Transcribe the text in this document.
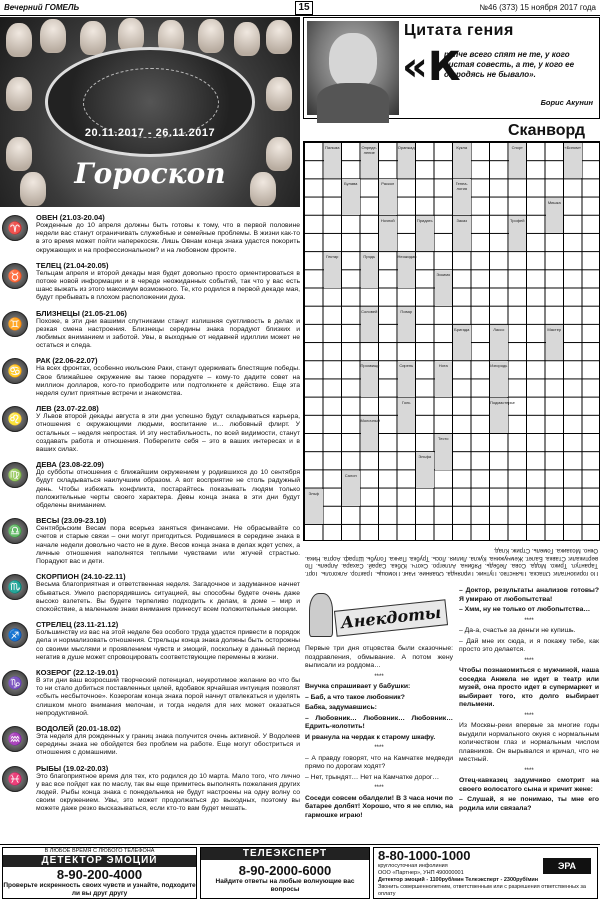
Вечерний ГОМЕЛЬ	15	№46 (373) 15 ноября 2017 года
20.11.2017 - 26.11.2017
Гороскоп
♈
ОВЕН (21.03-20.04)
Рожденные до 10 апреля должны быть готовы к тому, что в первой половине недели вас станут ограничивать служебные и семейные проблемы. В жизни как-то в это время может пойти наперекосяк. Лишь Овнам конца знака удастся покорить окружающих и на профессиональном? и на любовном фронте.
♉
ТЕЛЕЦ (21.04-20.05)
Тельцам апреля и второй декады мая будет довольно просто ориентироваться в потоке новой информации и в череде неожиданных событий, так что у вас есть шанс выжать из этого максимум возможного. Те, кто родился в первой декаде мая, будут пребывать в плохом расположении духа.
♊
БЛИЗНЕЦЫ (21.05-21.06)
Похоже, в эти дни вашими спутниками станут излишняя суетливость в делах и резкая смена настроения. Близнецы середины знака порадуют близких и любимых вниманием и заботой. Увы, в выходные от недавней идиллии может не остаться и следа.
♋
РАК (22.06-22.07)
На всех фронтах, особенно июльские Раки, станут одерживать блестящие победы. Свое ближайшее окружение вы также порадуете – кому-то дадите совет на миллион долларов, кого-то приободрите или подтолкнете к действию. Еще эта неделя сулит приятные встречи и знакомства.
♌
ЛЕВ (23.07-22.08)
У Львов второй декады августа в эти дни успешно будут складываться карьера, отношения с окружающими людьми, воспитание и… любовный флирт. У остальных – неделя непростая. И эту нестабильность, по всей видимости, станут создавать работа и отношения. Поберегите себя – это в ваших интересах и в ваших силах.
♍
ДЕВА (23.08-22.09)
До субботы отношения с ближайшим окружением у родившихся до 10 сентября будут складываться наилучшим образом. А вот восприятие не столь радужный день. Чтобы избежать конфликта, постарайтесь показывать людям только положительные черты своего характера. Девы конца знака в эти дни будут обделены вниманием.
♎
ВЕСЫ (23.09-23.10)
Сентябрьским Весам пора всерьез заняться финансами. Не обрасывайте со счетов и старые связи – они могут пригодиться. Родившиеся в середине знака в начале недели довольно часто не в духе. Весов конца знака в делах ждет успех, а личные отношения наполнятся теплыми чувствами или жгучей страстью. Порадуют вас и дети.
♏
СКОРПИОН (24.10-22.11)
Весьма благоприятная и ответственная неделя. Загадочное и задуманное начнет сбываться. Умело распорядившись ситуацией, вы способны будете очень даже высоко взлететь. Вы будете терпеливо подходить к делам, в доме – мир и спокойствие, а маленькие знаки внимания принесут всем положительные эмоции.
♐
СТРЕЛЕЦ (23.11-21.12)
Большинству из вас на этой неделе без особого труда удастся привести в порядок дела и нормализовать отношения. Стрельцы конца знака должны быть осторожны со своими мыслями и проявлением чувств и эмоций, поскольку в данный период негатив в душе может спровоцировать соответствующие перемены в жизни.
♑
КОЗЕРОГ (22.12-19.01)
В эти дни ваш возросший творческий потенциал, неукротимое желание во что бы то ни стало добиться поставленных целей, вдобавок ярчайшая интуиция позволят «сбыть несбыточное». Козерогам конца знака порой начнут отвлекаться и уделять слишком много внимания мелочам, и тогда неделя для них может оказаться непродуктивной.
♒
ВОДОЛЕЙ (20.01-18.02)
Эта неделя для рожденных у границ знака получится очень активной. У Водолеев середины знака не обойдется без проблем на работе. Еще могут обостриться и отношения с домашними.
♓
РЫБЫ (19.02-20.03)
Это благоприятное время для тех, кто родился до 10 марта. Мало того, что лично у вас все пойдет как по маслу, так вы еще примитесь выполнять пожелания других людей. Рыбы конца знака с понедельника не будут настроены на одну волну со своим окружением. Увы, это может продолжаться до выходных, поэтому вы можете даже резко высказываться, если кто-то вам будет мешать.
Цитата гения
«К
репче всего спят не те, у кого чистая совесть, а те, у кого ее отродясь не бывало».
Борис Акунин
Сканворд
Пальма	Опреде-ление
Оранжад	Кукла	Спорт	«Бином»
Булава	Раскол	Генеа-логия
Мишка
Ночной	Придать	Заказ	Трофей
Гектар	Прядь	Неожидан
Эскимо
Соловей	Повар
Бригада	Лассо	Мастер
Прозвище	Сирень	Нота	Изгородь
Голь	Подмастерье
Молочный
Тесто
Эльфа
Салон
Эльф
По горизонтали: Опаска. Пьянство. Путник. Гирлянда. Обаяние. Ранг. Помощь. Трактор. Алкоголь. Торт. Тарантул. Трико. Мода. Сова. Лебедь. Рябина. Аллегро. Скотч. Юбка. Сарай. Сахара. Апрель. По вертикали: Ставка. Балет. Жемчужина. Кукла. Лилия. Лось. Трубка. Пачка. Голубь. Штраф. Аорта. Ника. Окно. Мозаика. Гомель. Стриж. Клад.
Анекдоты
Первые три дня отцовства были сказочные: поздравления, обмывание. А потом жену выписали из роддома…
****
Внучка спрашивает у бабушки:
– Баб, а что такое любовник?
Бабка, задумавшись:
– Любовник… Любовник… Любовник… Едрить-колотить!
И рванула на чердак к старому шкафу.
****
– А правду говорят, что на Камчатке медведи прямо по дорогам ходят?
– Нет, трындят… Нет на Камчатке дорог…
****
Соседи совсем обалдели! В 3 часа ночи по батарее долбят! Хорошо, что я не сплю, на гармошке играю!
– Доктор, результаты анализов готовы? Я умираю от любопытства!
– Хмм, ну не только от любопытства…
****
– Да-а, счастье за деньги не купишь.
– Дай мне их сюда, и я покажу тебе, как просто это делается.
****
Чтобы познакомиться с мужчиной, наша соседка Анжела не идет в театр или музей, она просто идет в супермаркет и выбирает того, кто долго выбирает пельмени.
****
Из Москвы-реки впервые за многие годы выудили нормального окуня с нормальным количеством глаз и нормальным числом плавников. Он вырывался и кричал, что не местный.
****
Отец-кавказец задумчиво смотрит на своего волосатого сына и кричит жене:
– Слушай, я не понимаю, ты мне его родила или связала?
В ЛЮБОЕ ВРЕМЯ С ЛЮБОГО ТЕЛЕФОНА
ДЕТЕКТОР ЭМОЦИЙ
8-90-200-4000
Проверьте искренность своих чувств и узнайте, подходите ли вы друг другу
ТЕЛЕЭКСПЕРТ
8-90-2000-6000
Найдите ответы на любые волнующие вас вопросы
8-80-1000-1000
круглосуточная инфолиния	ЭРА
ООО «Партнер», УНП 490000001
Детектор эмоций - 1100руб/мин Телеэксперт - 2300руб/мин
Звонить совершеннолетним, ответственным или с разрешения ответственных за оплату
